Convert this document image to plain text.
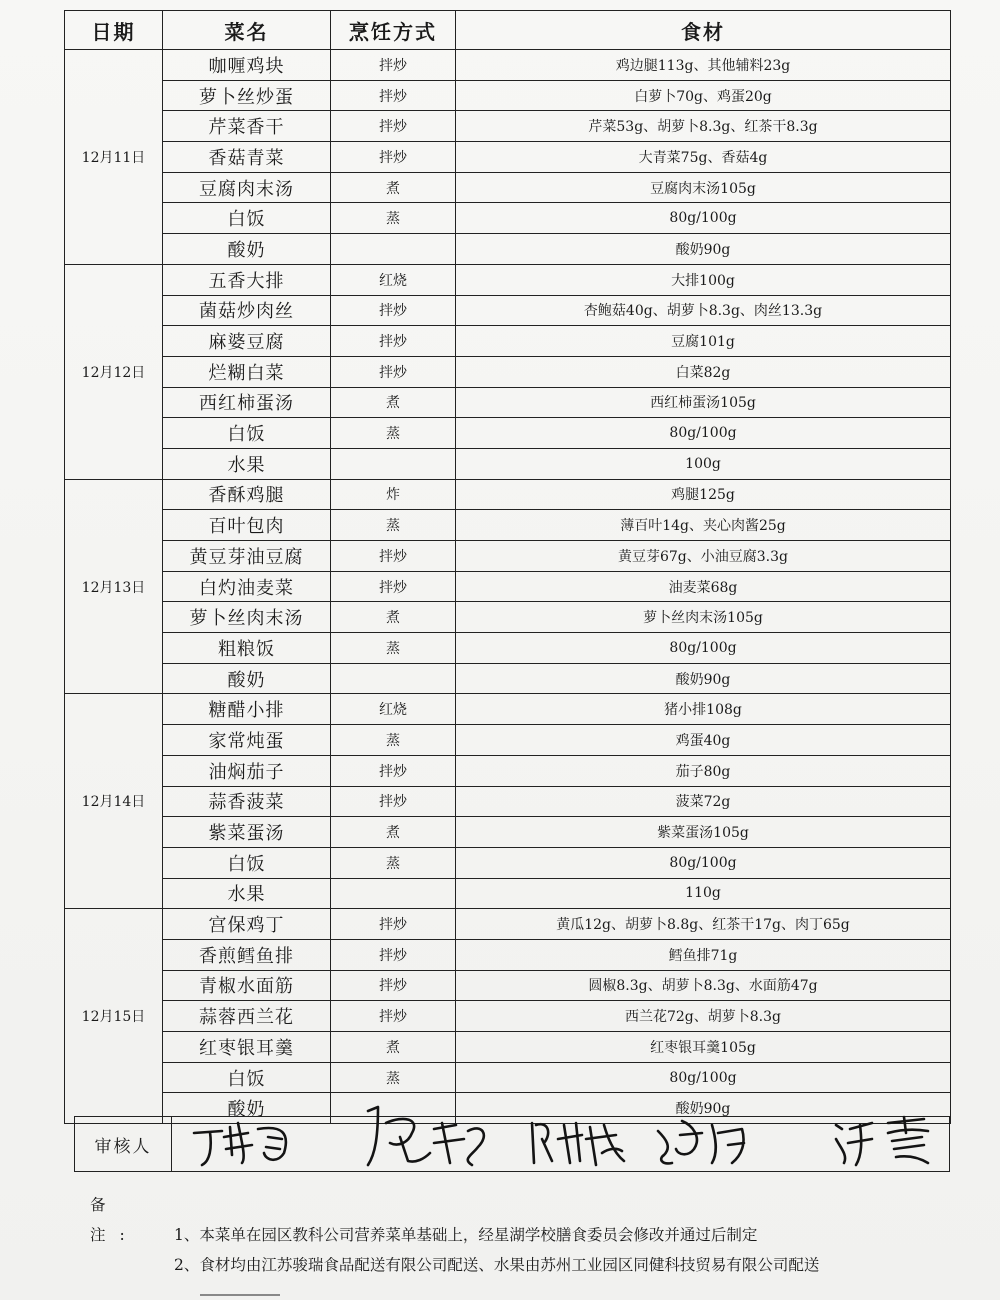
日期	菜名	烹饪方式	食材
12月11日	咖喱鸡块	拌炒	鸡边腿113g、其他辅料23g
	萝卜丝炒蛋	拌炒	白萝卜70g、鸡蛋20g
	芹菜香干	拌炒	芹菜53g、胡萝卜8.3g、红茶干8.3g
	香菇青菜	拌炒	大青菜75g、香菇4g
	豆腐肉末汤	煮	豆腐肉末汤105g
	白饭	蒸	80g/100g
	酸奶		酸奶90g
12月12日	五香大排	红烧	大排100g
	菌菇炒肉丝	拌炒	杏鲍菇40g、胡萝卜8.3g、肉丝13.3g
	麻婆豆腐	拌炒	豆腐101g
	烂糊白菜	拌炒	白菜82g
	西红柿蛋汤	煮	西红柿蛋汤105g
	白饭	蒸	80g/100g
	水果		100g
12月13日	香酥鸡腿	炸	鸡腿125g
	百叶包肉	蒸	薄百叶14g、夹心肉酱25g
	黄豆芽油豆腐	拌炒	黄豆芽67g、小油豆腐3.3g
	白灼油麦菜	拌炒	油麦菜68g
	萝卜丝肉末汤	煮	萝卜丝肉末汤105g
	粗粮饭	蒸	80g/100g
	酸奶		酸奶90g
12月14日	糖醋小排	红烧	猪小排108g
	家常炖蛋	蒸	鸡蛋40g
	油焖茄子	拌炒	茄子80g
	蒜香菠菜	拌炒	菠菜72g
	紫菜蛋汤	煮	紫菜蛋汤105g
	白饭	蒸	80g/100g
	水果		110g
12月15日	宫保鸡丁	拌炒	黄瓜12g、胡萝卜8.8g、红茶干17g、肉丁65g
	香煎鳕鱼排	拌炒	鳕鱼排71g
	青椒水面筋	拌炒	圆椒8.3g、胡萝卜8.3g、水面筋47g
	蒜蓉西兰花	拌炒	西兰花72g、胡萝卜8.3g
	红枣银耳羹	煮	红枣银耳羹105g
	白饭	蒸	80g/100g
	酸奶		酸奶90g
审核人	
备 注: 1、本菜单在园区教科公司营养菜单基础上，经星湖学校膳食委员会修改并通过后制定
2、食材均由江苏骏瑞食品配送有限公司配送、水果由苏州工业园区同健科技贸易有限公司配送
